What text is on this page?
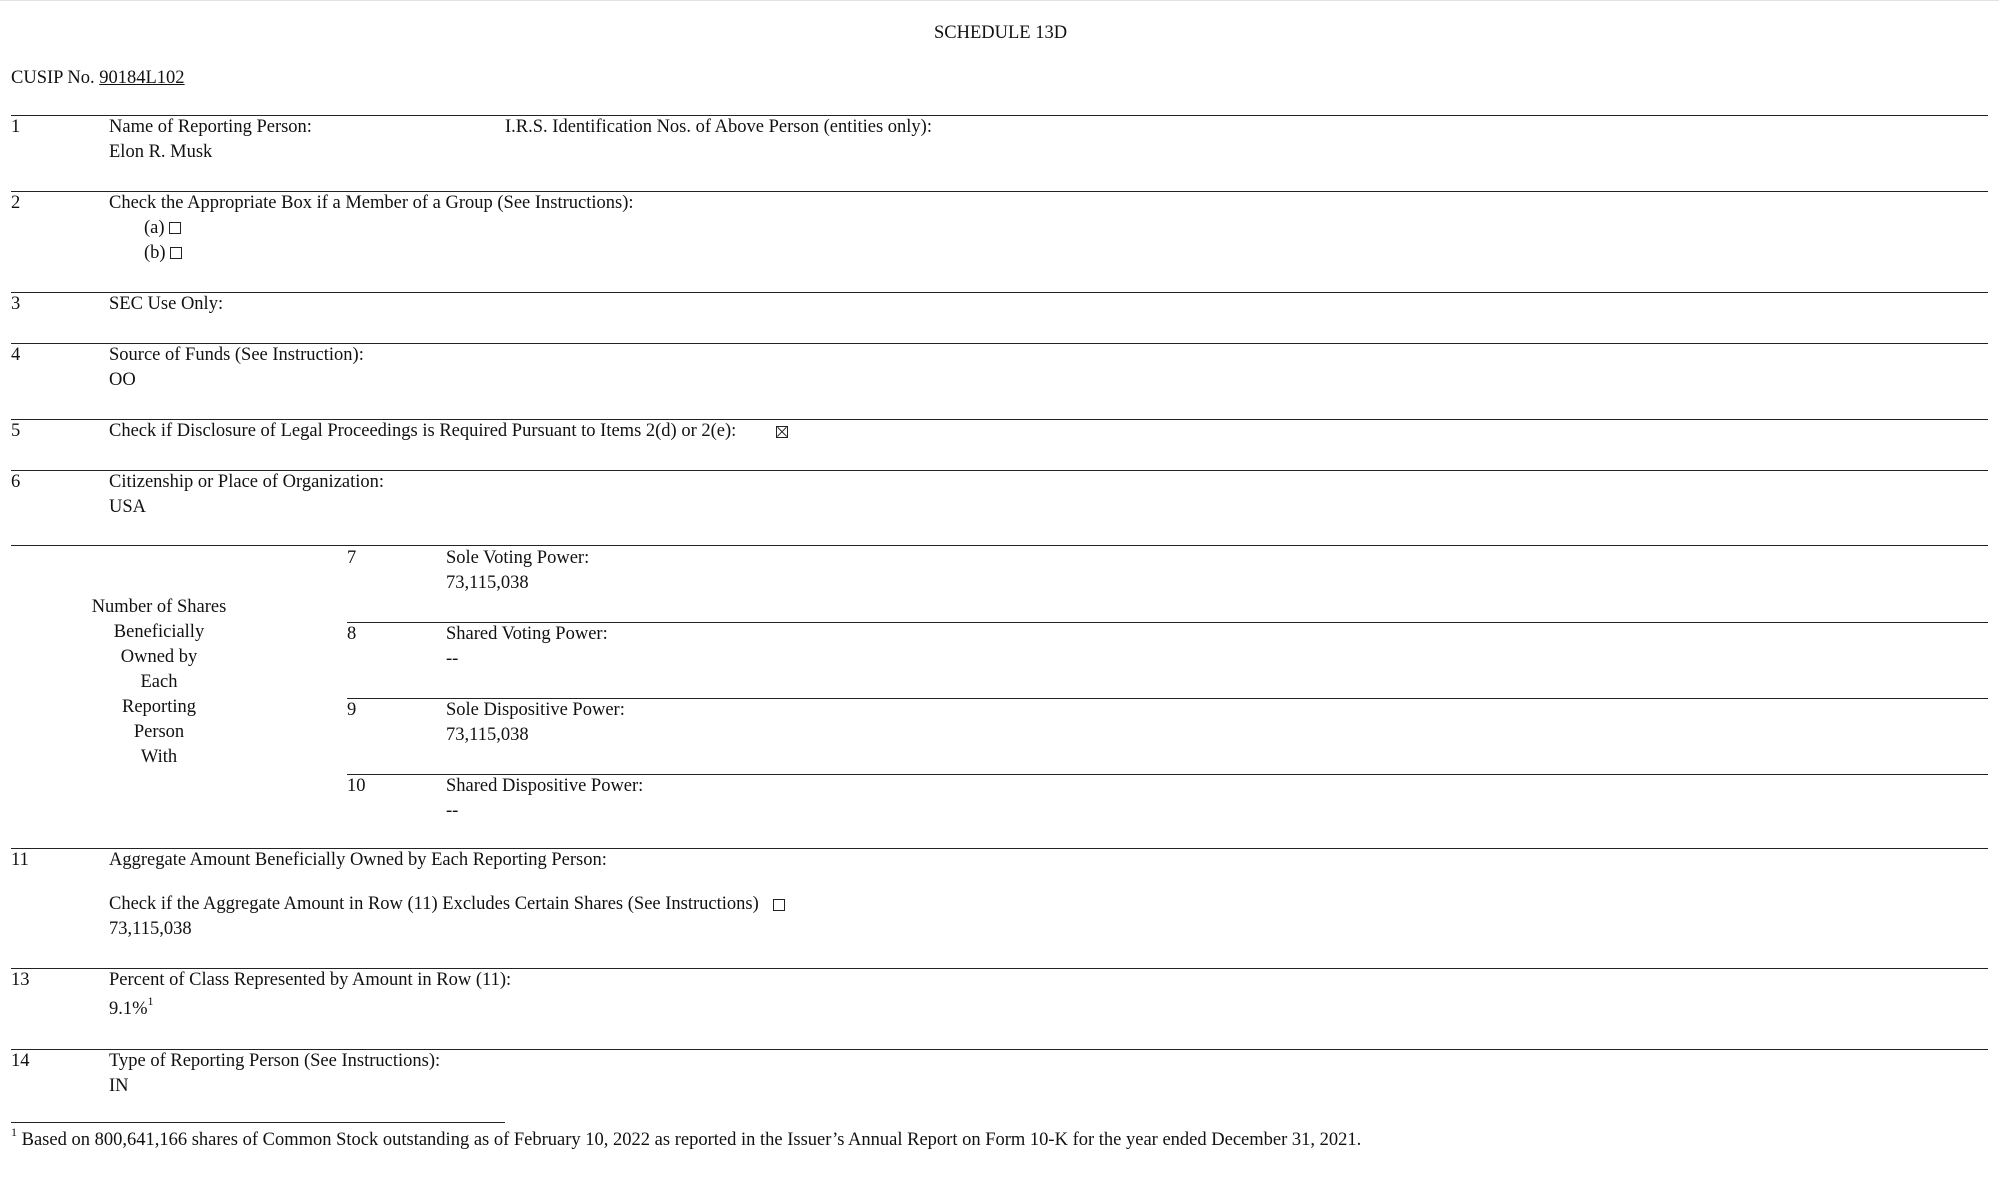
SCHEDULE 13D
CUSIP No. 90184L102
1	Name of Reporting Person:	I.R.S. Identification Nos. of Above Person (entities only):
Elon R. Musk
2	Check the Appropriate Box if a Member of a Group (See Instructions):
(a)
(b)
3	SEC Use Only:
4	Source of Funds (See Instruction):
OO
5	Check if Disclosure of Legal Proceedings is Required Pursuant to Items 2(d) or 2(e):
6	Citizenship or Place of Organization:
USA
Number of Shares
Beneficially
Owned by
Each
Reporting
Person
With
7	Sole Voting Power:
73,115,038
8	Shared Voting Power:
--
9	Sole Dispositive Power:
73,115,038
10	Shared Dispositive Power:
--
11	Aggregate Amount Beneficially Owned by Each Reporting Person:
Check if the Aggregate Amount in Row (11) Excludes Certain Shares (See Instructions)
73,115,038
13	Percent of Class Represented by Amount in Row (11):
9.1%$^1$
14	Type of Reporting Person (See Instructions):
IN
$^1$ Based on 800,641,166 shares of Common Stock outstanding as of February 10, 2022 as reported in the Issuer’s Annual Report on Form 10-K for the year ended December 31, 2021.
